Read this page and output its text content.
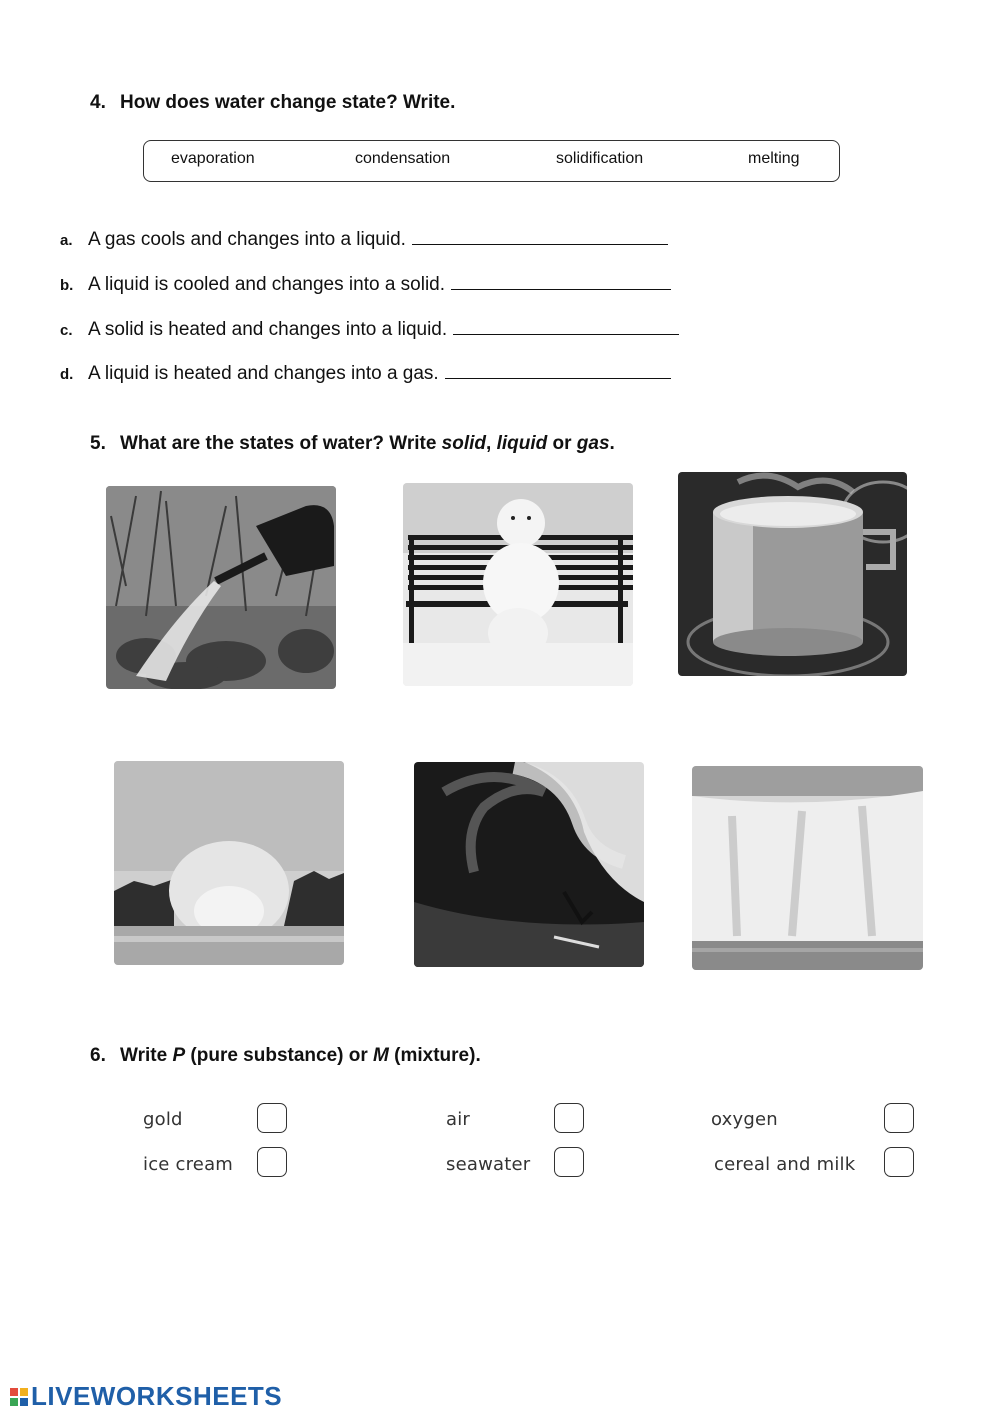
4. How does water change state? Write.
evaporation	condensation	solidification	melting
a. A gas cools and changes into a liquid.
b. A liquid is cooled and changes into a solid.
c. A solid is heated and changes into a liquid.
d. A liquid is heated and changes into a gas.
5. What are the states of water? Write solid, liquid or gas.
6. Write P (pure substance) or M (mixture).
gold	air	oxygen
ice cream	seawater	cereal and milk
LIVEWORKSHEETS
